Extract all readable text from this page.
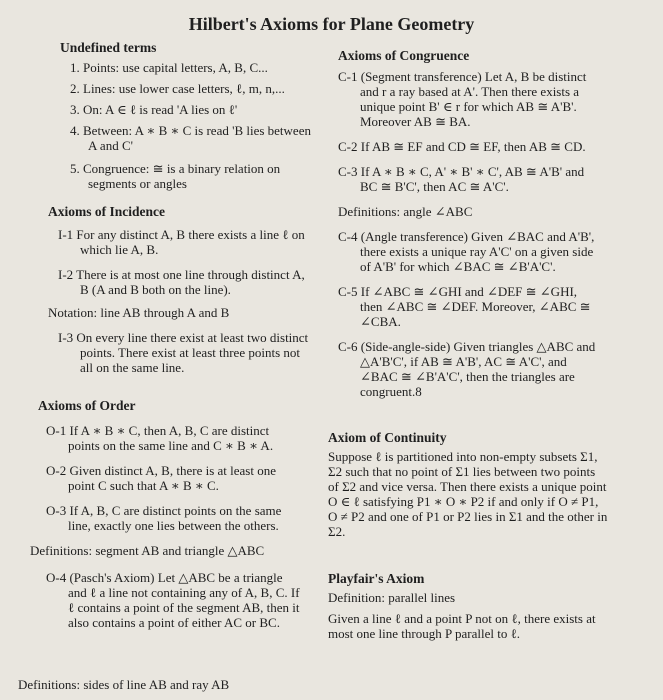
Hilbert's Axioms for Plane Geometry

Undefined terms

1. Points: use capital letters, A, B, C...

2. Lines: use lower case letters, ℓ, m, n,...

3. On: A ∈ ℓ is read 'A lies on ℓ'

4. Between: A ∗ B ∗ C is read 'B lies between A and C'

5. Congruence: ≅ is a binary relation on segments or angles

Axioms of Incidence

I-1 For any distinct A, B there exists a line ℓ on which lie A, B.

I-2 There is at most one line through distinct A, B (A and B both on the line).

Notation: line AB through A and B

I-3 On every line there exist at least two distinct points. There exist at least three points not all on the same line.

Axioms of Order

O-1 If A ∗ B ∗ C, then A, B, C are distinct points on the same line and C ∗ B ∗ A.

O-2 Given distinct A, B, there is at least one point C such that A ∗ B ∗ C.

O-3 If A, B, C are distinct points on the same line, exactly one lies between the others.

Definitions: segment AB and triangle △ABC

O-4 (Pasch's Axiom) Let △ABC be a triangle and ℓ a line not containing any of A, B, C. If ℓ contains a point of the segment AB, then it also contains a point of either AC or BC.

Definitions: sides of line AB and ray AB

Axioms of Congruence

C-1 (Segment transference) Let A, B be distinct and r a ray based at A'. Then there exists a unique point B' ∈ r for which AB ≅ A'B'. Moreover AB ≅ BA.

C-2 If AB ≅ EF and CD ≅ EF, then AB ≅ CD.

C-3 If A ∗ B ∗ C, A' ∗ B' ∗ C', AB ≅ A'B' and BC ≅ B'C', then AC ≅ A'C'.

Definitions: angle ∠ABC

C-4 (Angle transference) Given ∠BAC and A'B', there exists a unique ray A'C' on a given side of A'B' for which ∠BAC ≅ ∠B'A'C'.

C-5 If ∠ABC ≅ ∠GHI and ∠DEF ≅ ∠GHI, then ∠ABC ≅ ∠DEF. Moreover, ∠ABC ≅ ∠CBA.

C-6 (Side-angle-side) Given triangles △ABC and △A'B'C', if AB ≅ A'B', AC ≅ A'C', and ∠BAC ≅ ∠B'A'C', then the triangles are congruent.8

Axiom of Continuity

Suppose ℓ is partitioned into non-empty subsets Σ1, Σ2 such that no point of Σ1 lies between two points of Σ2 and vice versa. Then there exists a unique point O ∈ ℓ satisfying P1 ∗ O ∗ P2 if and only if O ≠ P1, O ≠ P2 and one of P1 or P2 lies in Σ1 and the other in Σ2.

Playfair's Axiom

Definition: parallel lines

Given a line ℓ and a point P not on ℓ, there exists at most one line through P parallel to ℓ.
